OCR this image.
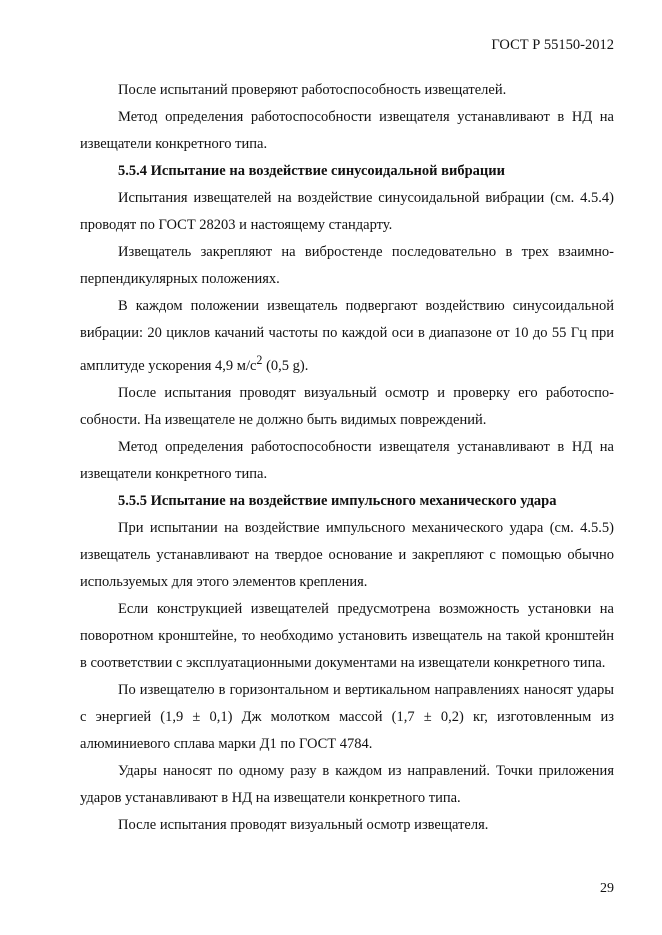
ГОСТ Р 55150-2012

После испытаний проверяют работоспособность извещателей.

Метод определения работоспособности извещателя устанавливают в НД на извещатели конкретного типа.

5.5.4 Испытание на воздействие синусоидальной вибрации

Испытания извещателей на воздействие синусоидальной вибрации (см. 4.5.4) проводят по ГОСТ 28203 и настоящему стандарту.

Извещатель закрепляют на вибростенде последовательно в трех взаимно-перпендикулярных положениях.

В каждом положении извещатель подвергают воздействию синусоидальной вибрации: 20 циклов качаний частоты по каждой оси в диапазоне от 10 до 55 Гц при амплитуде ускорения 4,9 $м/с^2$ (0,5 g).

После испытания проводят визуальный осмотр и проверку его работоспособности. На извещателе не должно быть видимых повреждений.

Метод определения работоспособности извещателя устанавливают в НД на извещатели конкретного типа.

5.5.5 Испытание на воздействие импульсного механического удара

При испытании на воздействие импульсного механического удара (см. 4.5.5) извещатель устанавливают на твердое основание и закрепляют с помощью обычно используемых для этого элементов крепления.

Если конструкцией извещателей предусмотрена возможность установки на поворотном кронштейне, то необходимо установить извещатель на такой кронштейн в соответствии с эксплуатационными документами на извещатели конкретного типа.

По извещателю в горизонтальном и вертикальном направлениях наносят удары с энергией (1,9 ± 0,1) Дж молотком массой (1,7 ± 0,2) кг, изготовленным из алюминиевого сплава марки Д1 по ГОСТ 4784.

Удары наносят по одному разу в каждом из направлений. Точки приложения ударов устанавливают в НД на извещатели конкретного типа.

После испытания проводят визуальный осмотр извещателя.

29
